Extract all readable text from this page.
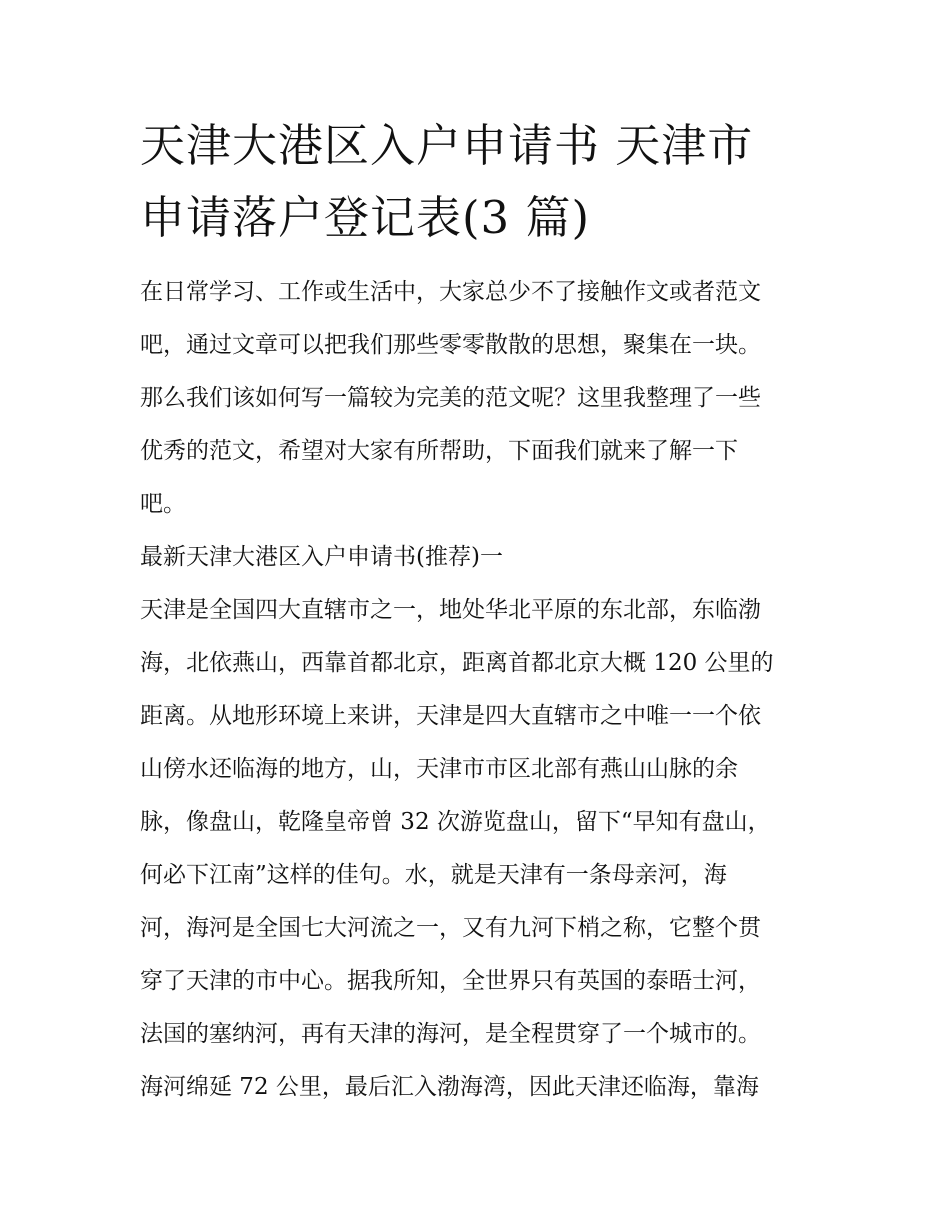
天津大港区入户申请书 天津市
申请落户登记表(3 篇)
在日常学习、工作或生活中，大家总少不了接触作文或者范文
吧，通过文章可以把我们那些零零散散的思想，聚集在一块。
那么我们该如何写一篇较为完美的范文呢？这里我整理了一些
优秀的范文，希望对大家有所帮助，下面我们就来了解一下
吧。
最新天津大港区入户申请书(推荐)一
天津是全国四大直辖市之一，地处华北平原的东北部，东临渤
海，北依燕山，西靠首都北京，距离首都北京大概 120 公里的
距离。从地形环境上来讲，天津是四大直辖市之中唯一一个依
山傍水还临海的地方，山，天津市市区北部有燕山山脉的余
脉，像盘山，乾隆皇帝曾 32 次游览盘山，留下“早知有盘山，
何必下江南”这样的佳句。水，就是天津有一条母亲河，海
河，海河是全国七大河流之一，又有九河下梢之称，它整个贯
穿了天津的市中心。据我所知，全世界只有英国的泰晤士河，
法国的塞纳河，再有天津的海河，是全程贯穿了一个城市的。
海河绵延 72 公里，最后汇入渤海湾，因此天津还临海，靠海
